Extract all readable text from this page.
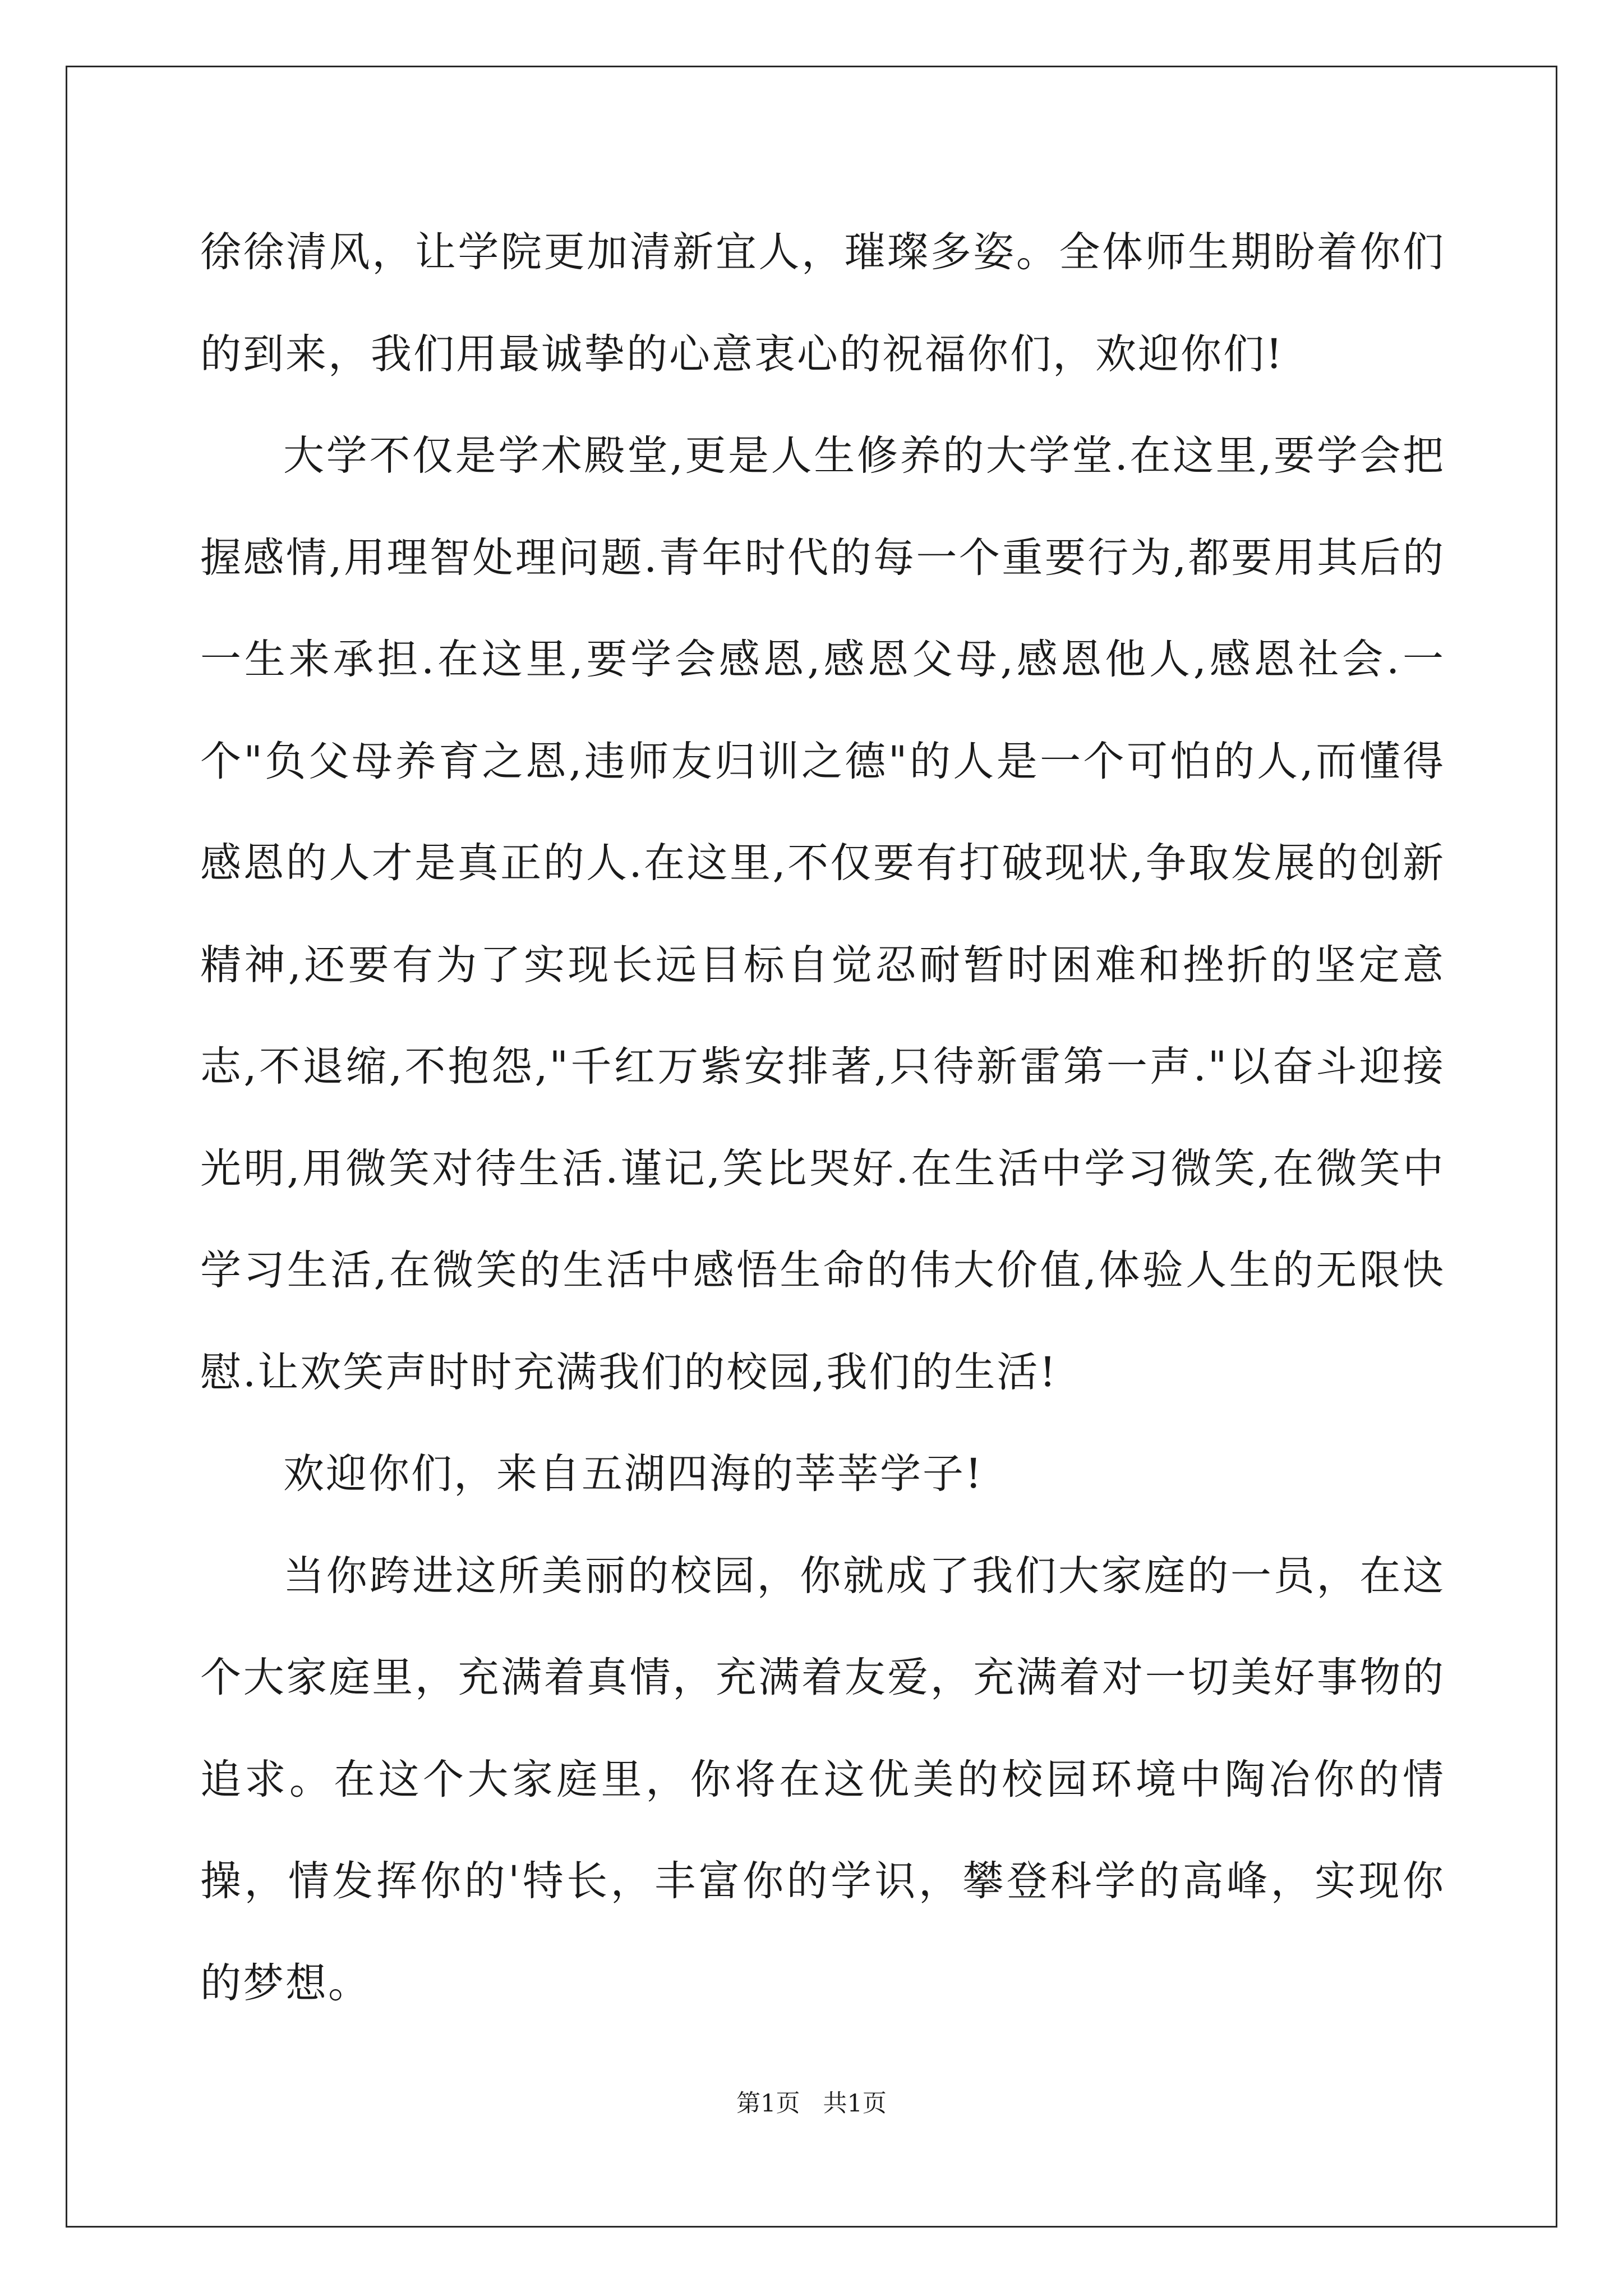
徐徐清风，让学院更加清新宜人，璀璨多姿。全体师生期盼着你们的到来，我们用最诚挚的心意衷心的祝福你们，欢迎你们!

大学不仅是学术殿堂,更是人生修养的大学堂.在这里,要学会把握感情,用理智处理问题.青年时代的每一个重要行为,都要用其后的一生来承担.在这里,要学会感恩,感恩父母,感恩他人,感恩社会.一个"负父母养育之恩,违师友归训之德"的人是一个可怕的人,而懂得感恩的人才是真正的人.在这里,不仅要有打破现状,争取发展的创新精神,还要有为了实现长远目标自觉忍耐暂时困难和挫折的坚定意志,不退缩,不抱怨,"千红万紫安排著,只待新雷第一声."以奋斗迎接光明,用微笑对待生活.谨记,笑比哭好.在生活中学习微笑,在微笑中学习生活,在微笑的生活中感悟生命的伟大价值,体验人生的无限快慰.让欢笑声时时充满我们的校园,我们的生活!

欢迎你们，来自五湖四海的莘莘学子!

当你跨进这所美丽的校园，你就成了我们大家庭的一员，在这个大家庭里，充满着真情，充满着友爱，充满着对一切美好事物的追求。在这个大家庭里，你将在这优美的校园环境中陶冶你的情操，情发挥你的'特长，丰富你的学识，攀登科学的高峰，实现你的梦想。

第1页   共1页
